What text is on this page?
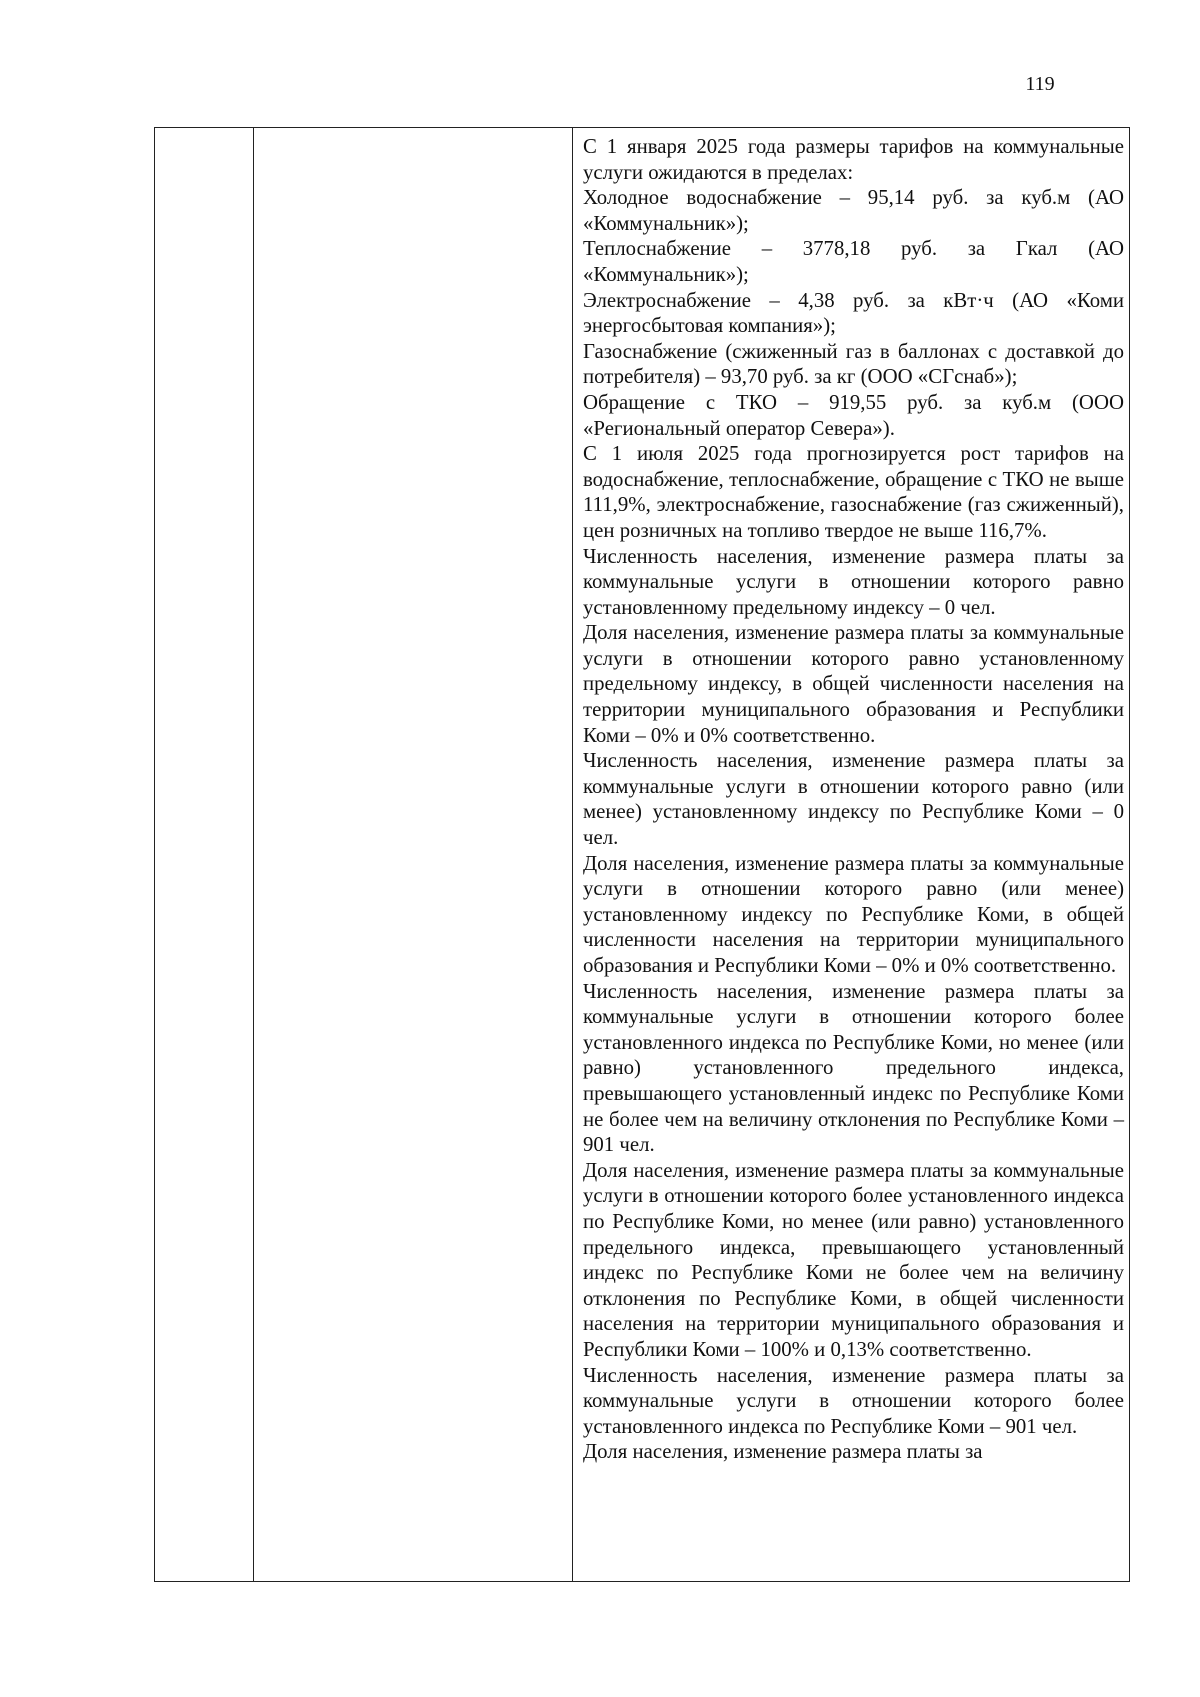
119

С 1 января 2025 года размеры тарифов на коммунальные услуги ожидаются в пределах:

Холодное водоснабжение – 95,14 руб. за куб.м (АО «Коммунальник»);

Теплоснабжение – 3778,18 руб. за Гкал (АО «Коммунальник»);

Электроснабжение – 4,38 руб. за кВт·ч (АО «Коми энергосбытовая компания»);

Газоснабжение (сжиженный газ в баллонах с доставкой до потребителя) – 93,70 руб. за кг (ООО «СГснаб»);

Обращение с ТКО – 919,55 руб. за куб.м (ООО «Региональный оператор Севера»).

С 1 июля 2025 года прогнозируется рост тарифов на водоснабжение, теплоснабжение, обращение с ТКО не выше 111,9%, электроснабжение, газоснабжение (газ сжиженный), цен розничных на топливо твердое не выше 116,7%.

Численность населения, изменение размера платы за коммунальные услуги в отношении которого равно установленному предельному индексу – 0 чел.

Доля населения, изменение размера платы за коммунальные услуги в отношении которого равно установленному предельному индексу, в общей численности населения на территории муниципального образования и Республики Коми – 0% и 0% соответственно.

Численность населения, изменение размера платы за коммунальные услуги в отношении которого равно (или менее) установленному индексу по Республике Коми – 0 чел.

Доля населения, изменение размера платы за коммунальные услуги в отношении которого равно (или менее) установленному индексу по Республике Коми, в общей численности населения на территории муниципального образования и Республики Коми – 0% и 0% соответственно.

Численность населения, изменение размера платы за коммунальные услуги в отношении которого более установленного индекса по Республике Коми, но менее (или равно) установленного предельного индекса, превышающего установленный индекс по Республике Коми не более чем на величину отклонения по Республике Коми – 901 чел.

Доля населения, изменение размера платы за коммунальные услуги в отношении которого более установленного индекса по Республике Коми, но менее (или равно) установленного предельного индекса, превышающего установленный индекс по Республике Коми не более чем на величину отклонения по Республике Коми, в общей численности населения на территории муниципального образования и Республики Коми – 100% и 0,13% соответственно.

Численность населения, изменение размера платы за коммунальные услуги в отношении которого более установленного индекса по Республике Коми – 901 чел.

Доля населения, изменение размера платы за
